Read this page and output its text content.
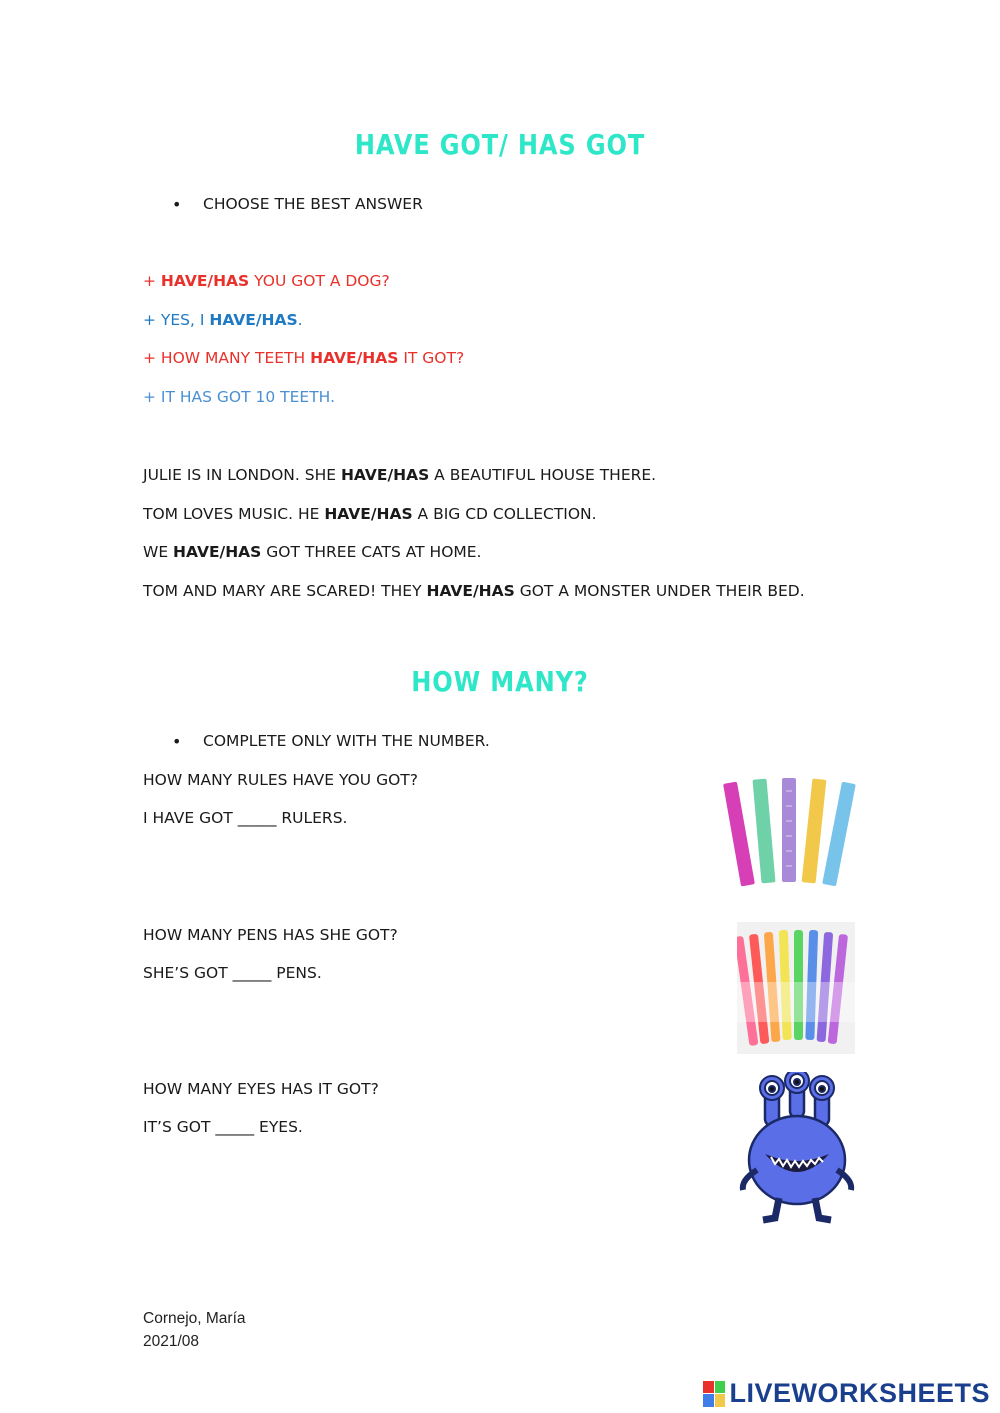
HAVE GOT/ HAS GOT
• CHOOSE THE BEST ANSWER
+ HAVE/HAS YOU GOT A DOG?
+ YES, I HAVE/HAS.
+ HOW MANY TEETH HAVE/HAS IT GOT?
+ IT HAS GOT 10 TEETH.
JULIE IS IN LONDON. SHE HAVE/HAS A BEAUTIFUL HOUSE THERE.
TOM LOVES MUSIC. HE HAVE/HAS A BIG CD COLLECTION.
WE HAVE/HAS GOT THREE CATS AT HOME.
TOM AND MARY ARE SCARED! THEY HAVE/HAS GOT A MONSTER UNDER THEIR BED.
HOW MANY?
• COMPLETE ONLY WITH THE NUMBER.
HOW MANY RULES HAVE YOU GOT?
I HAVE GOT _____ RULERS.
HOW MANY PENS HAS SHE GOT?
SHE’S GOT _____ PENS.
HOW MANY EYES HAS IT GOT?
IT’S GOT _____ EYES.
Cornejo, María
2021/08
LIVEWORKSHEETS
